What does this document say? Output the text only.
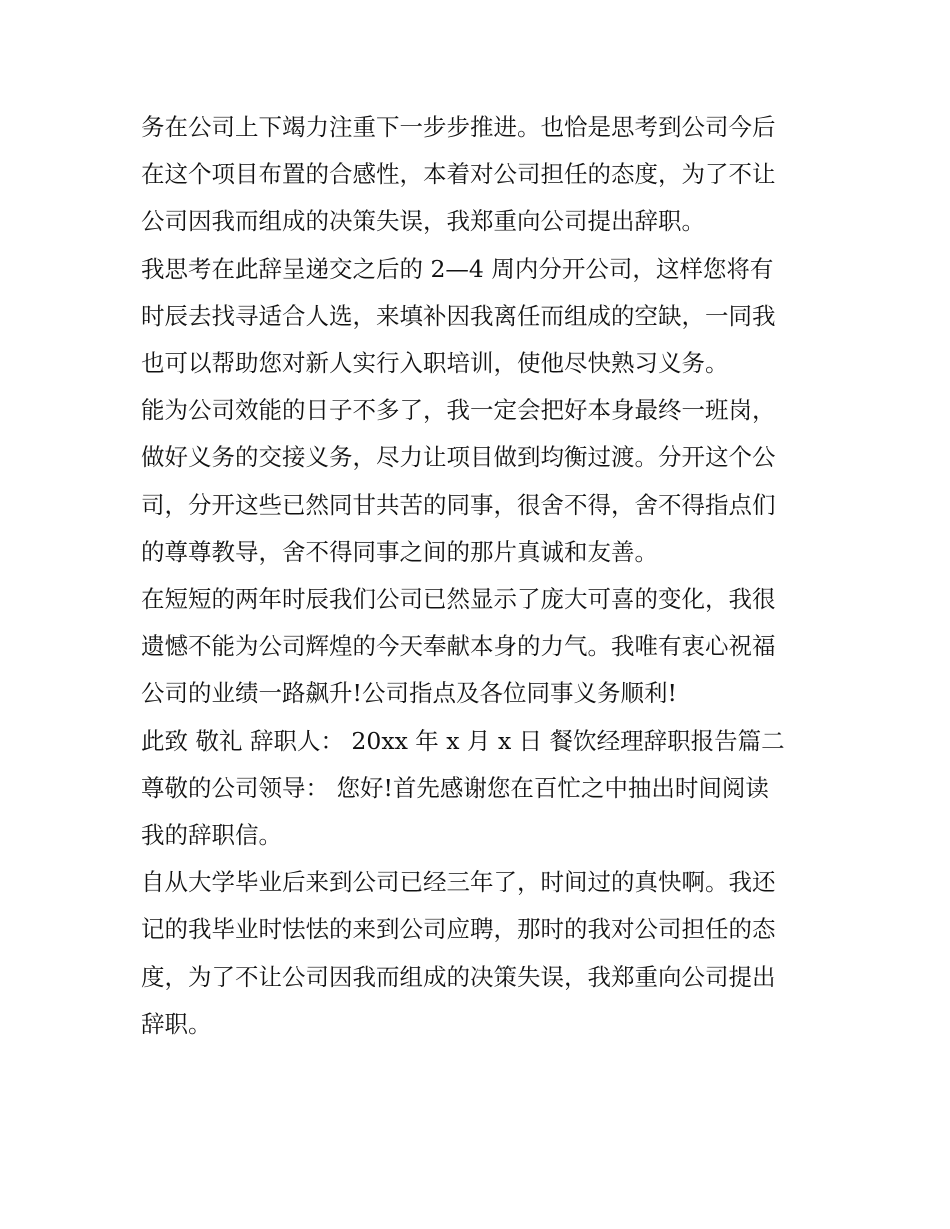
务在公司上下竭力注重下一步步推进。也恰是思考到公司今后
在这个项目布置的合感性，本着对公司担任的态度，为了不让
公司因我而组成的决策失误，我郑重向公司提出辞职。

我思考在此辞呈递交之后的 2—4 周内分开公司，这样您将有
时辰去找寻适合人选，来填补因我离任而组成的空缺，一同我
也可以帮助您对新人实行入职培训，使他尽快熟习义务。

能为公司效能的日子不多了，我一定会把好本身最终一班岗，
做好义务的交接义务，尽力让项目做到均衡过渡。分开这个公
司，分开这些已然同甘共苦的同事，很舍不得，舍不得指点们
的尊尊教导，舍不得同事之间的那片真诚和友善。

在短短的两年时辰我们公司已然显示了庞大可喜的变化，我很
遗憾不能为公司辉煌的今天奉献本身的力气。我唯有衷心祝福
公司的业绩一路飙升!公司指点及各位同事义务顺利!

此致 敬礼 辞职人： 20xx 年 x 月 x 日 餐饮经理辞职报告篇二

尊敬的公司领导： 您好!首先感谢您在百忙之中抽出时间阅读
我的辞职信。

自从大学毕业后来到公司已经三年了，时间过的真快啊。我还
记的我毕业时怯怯的来到公司应聘，那时的我对公司担任的态
度，为了不让公司因我而组成的决策失误，我郑重向公司提出
辞职。
